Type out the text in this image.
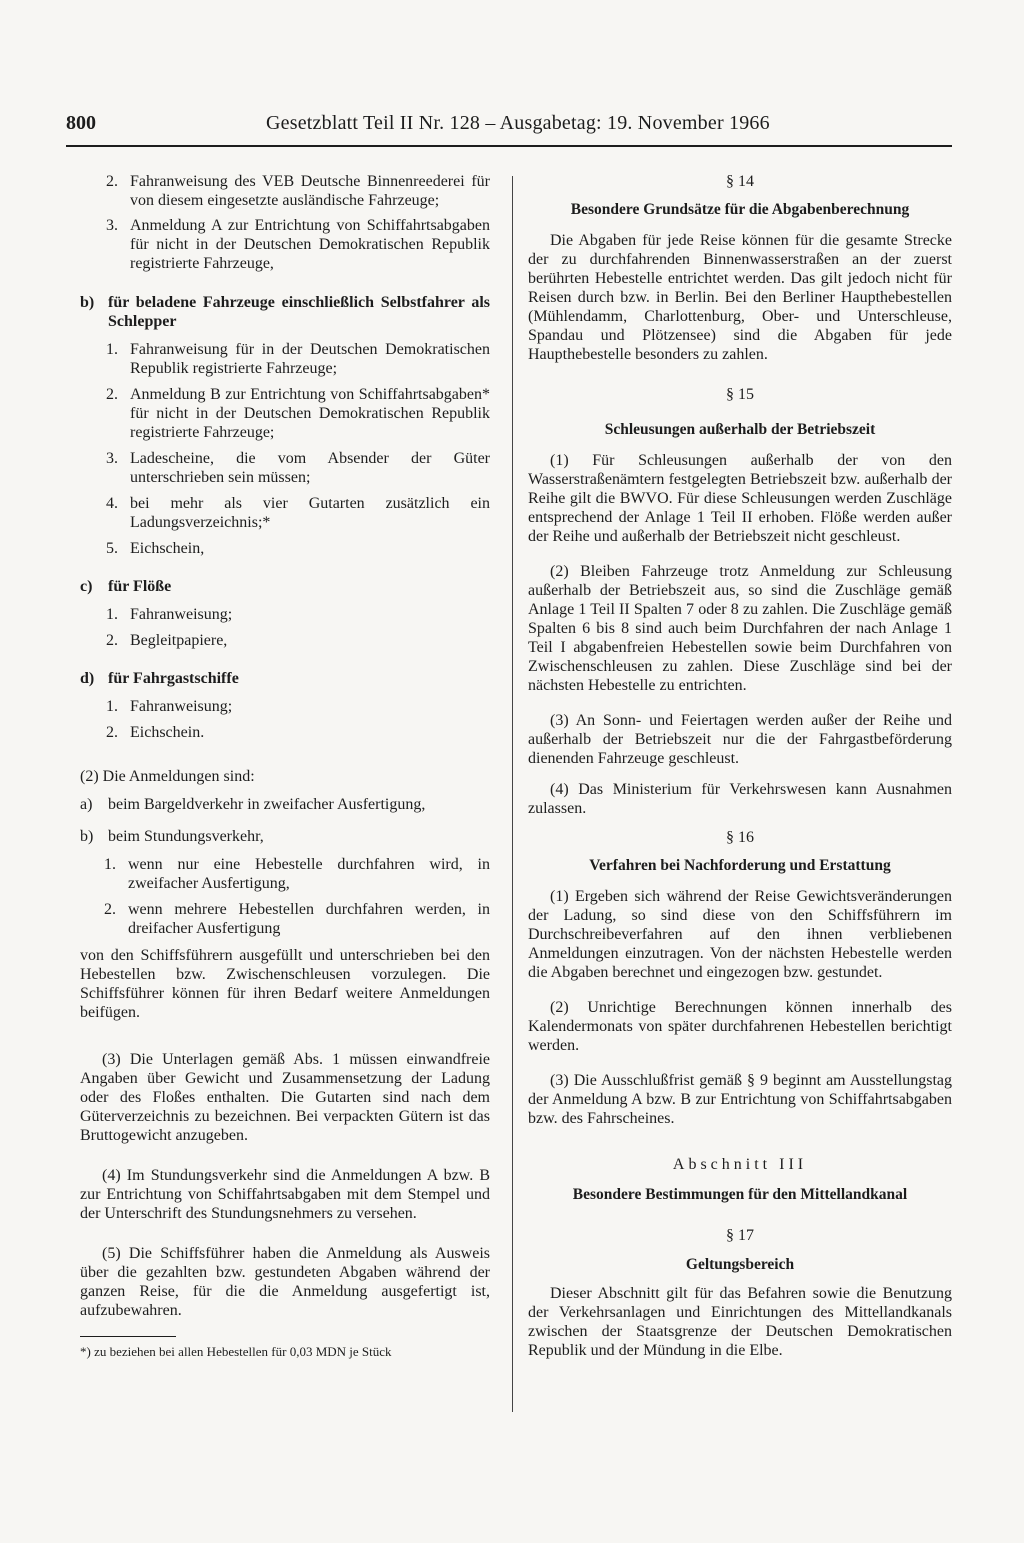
800	Gesetzblatt Teil II Nr. 128 – Ausgabetag: 19. November 1966
2. Fahranweisung des VEB Deutsche Binnenreederei für von diesem eingesetzte ausländische Fahrzeuge;
3. Anmeldung A zur Entrichtung von Schiffahrtsabgaben für nicht in der Deutschen Demokratischen Republik registrierte Fahrzeuge,
b) für beladene Fahrzeuge einschließlich Selbstfahrer als Schlepper
1. Fahranweisung für in der Deutschen Demokratischen Republik registrierte Fahrzeuge;
2. Anmeldung B zur Entrichtung von Schiffahrtsabgaben* für nicht in der Deutschen Demokratischen Republik registrierte Fahrzeuge;
3. Ladescheine, die vom Absender der Güter unterschrieben sein müssen;
4. bei mehr als vier Gutarten zusätzlich ein Ladungsverzeichnis;*
5. Eichschein,
c) für Flöße
1. Fahranweisung;
2. Begleitpapiere,
d) für Fahrgastschiffe
1. Fahranweisung;
2. Eichschein.
(2) Die Anmeldungen sind:
a) beim Bargeldverkehr in zweifacher Ausfertigung,
b) beim Stundungsverkehr,
1. wenn nur eine Hebestelle durchfahren wird, in zweifacher Ausfertigung,
2. wenn mehrere Hebestellen durchfahren werden, in dreifacher Ausfertigung
von den Schiffsführern ausgefüllt und unterschrieben bei den Hebestellen bzw. Zwischenschleusen vorzulegen. Die Schiffsführer können für ihren Bedarf weitere Anmeldungen beifügen.
(3) Die Unterlagen gemäß Abs. 1 müssen einwandfreie Angaben über Gewicht und Zusammensetzung der Ladung oder des Floßes enthalten. Die Gutarten sind nach dem Güterverzeichnis zu bezeichnen. Bei verpackten Gütern ist das Bruttogewicht anzugeben.
(4) Im Stundungsverkehr sind die Anmeldungen A bzw. B zur Entrichtung von Schiffahrtsabgaben mit dem Stempel und der Unterschrift des Stundungsnehmers zu versehen.
(5) Die Schiffsführer haben die Anmeldung als Ausweis über die gezahlten bzw. gestundeten Abgaben während der ganzen Reise, für die die Anmeldung ausgefertigt ist, aufzubewahren.
*) zu beziehen bei allen Hebestellen für 0,03 MDN je Stück
§ 14
Besondere Grundsätze für die Abgabenberechnung
Die Abgaben für jede Reise können für die gesamte Strecke der zu durchfahrenden Binnenwasserstraßen an der zuerst berührten Hebestelle entrichtet werden. Das gilt jedoch nicht für Reisen durch bzw. in Berlin. Bei den Berliner Haupthebestellen (Mühlendamm, Charlottenburg, Ober- und Unterschleuse, Spandau und Plötzensee) sind die Abgaben für jede Haupthebestelle besonders zu zahlen.
§ 15
Schleusungen außerhalb der Betriebszeit
(1) Für Schleusungen außerhalb der von den Wasserstraßenämtern festgelegten Betriebszeit bzw. außerhalb der Reihe gilt die BWVO. Für diese Schleusungen werden Zuschläge entsprechend der Anlage 1 Teil II erhoben. Flöße werden außer der Reihe und außerhalb der Betriebszeit nicht geschleust.
(2) Bleiben Fahrzeuge trotz Anmeldung zur Schleusung außerhalb der Betriebszeit aus, so sind die Zuschläge gemäß Anlage 1 Teil II Spalten 7 oder 8 zu zahlen. Die Zuschläge gemäß Spalten 6 bis 8 sind auch beim Durchfahren der nach Anlage 1 Teil I abgabenfreien Hebestellen sowie beim Durchfahren von Zwischenschleusen zu zahlen. Diese Zuschläge sind bei der nächsten Hebestelle zu entrichten.
(3) An Sonn- und Feiertagen werden außer der Reihe und außerhalb der Betriebszeit nur die der Fahrgastbeförderung dienenden Fahrzeuge geschleust.
(4) Das Ministerium für Verkehrswesen kann Ausnahmen zulassen.
§ 16
Verfahren bei Nachforderung und Erstattung
(1) Ergeben sich während der Reise Gewichtsveränderungen der Ladung, so sind diese von den Schiffsführern im Durchschreibeverfahren auf den ihnen verbliebenen Anmeldungen einzutragen. Von der nächsten Hebestelle werden die Abgaben berechnet und eingezogen bzw. gestundet.
(2) Unrichtige Berechnungen können innerhalb des Kalendermonats von später durchfahrenen Hebestellen berichtigt werden.
(3) Die Ausschlußfrist gemäß § 9 beginnt am Ausstellungstag der Anmeldung A bzw. B zur Entrichtung von Schiffahrtsabgaben bzw. des Fahrscheines.
Abschnitt III
Besondere Bestimmungen für den Mittellandkanal
§ 17
Geltungsbereich
Dieser Abschnitt gilt für das Befahren sowie die Benutzung der Verkehrsanlagen und Einrichtungen des Mittellandkanals zwischen der Staatsgrenze der Deutschen Demokratischen Republik und der Mündung in die Elbe.
